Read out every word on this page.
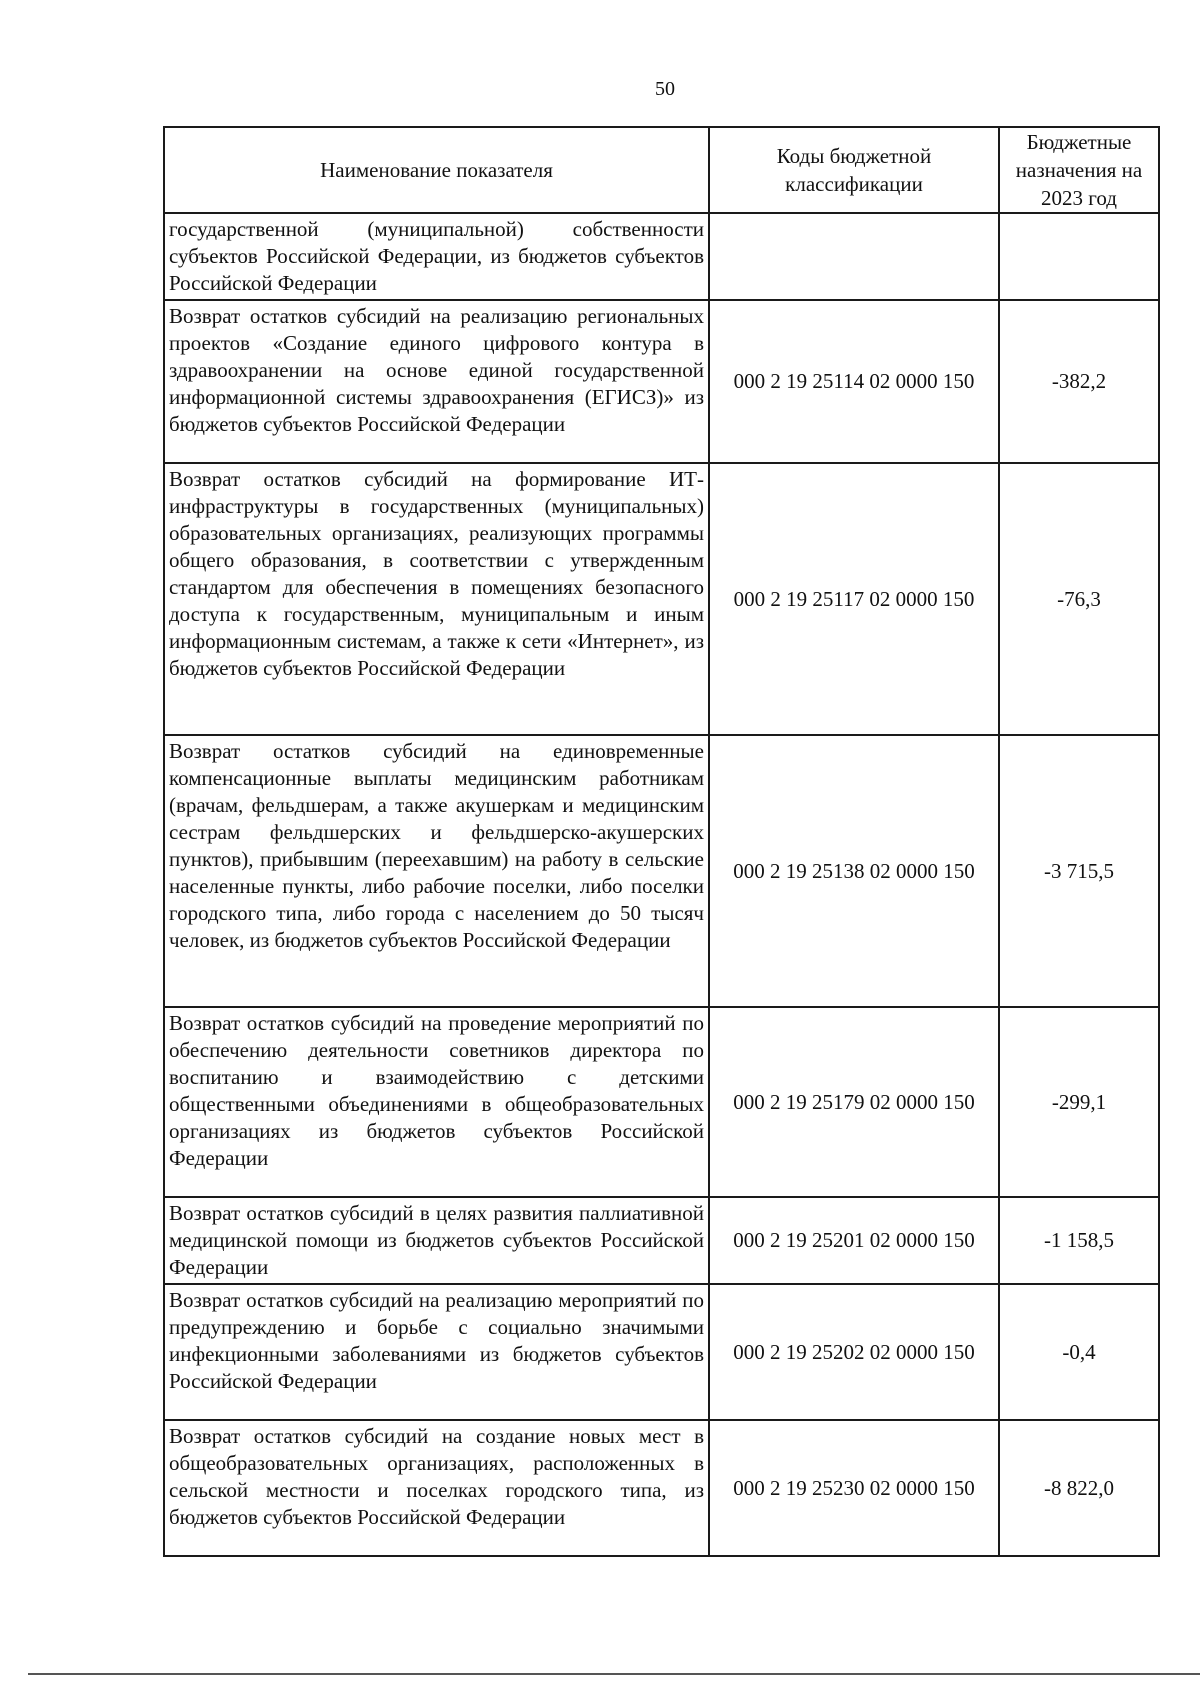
50
Наименование показателя	Коды бюджетной классификации	Бюджетные назначения на 2023 год
государственной (муниципальной) собственности субъектов Российской Федерации, из бюджетов субъектов Российской Федерации		
Возврат остатков субсидий на реализацию региональных проектов «Создание единого цифрового контура в здравоохранении на основе единой государственной информационной системы здравоохранения (ЕГИСЗ)» из бюджетов субъектов Российской Федерации	000 2 19 25114 02 0000 150	-382,2
Возврат остатков субсидий на формирование ИТ-инфраструктуры в государственных (муниципальных) образовательных организациях, реализующих программы общего образования, в соответствии с утвержденным стандартом для обеспечения в помещениях безопасного доступа к государственным, муниципальным и иным информационным системам, а также к сети «Интернет», из бюджетов субъектов Российской Федерации	000 2 19 25117 02 0000 150	-76,3
Возврат остатков субсидий на единовременные компенсационные выплаты медицинским работникам (врачам, фельдшерам, а также акушеркам и медицинским сестрам фельдшерских и фельдшерско-акушерских пунктов), прибывшим (переехавшим) на работу в сельские населенные пункты, либо рабочие поселки, либо поселки городского типа, либо города с населением до 50 тысяч человек, из бюджетов субъектов Российской Федерации	000 2 19 25138 02 0000 150	-3 715,5
Возврат остатков субсидий на проведение мероприятий по обеспечению деятельности советников директора по воспитанию и взаимодействию с детскими общественными объединениями в общеобразовательных организациях из бюджетов субъектов Российской Федерации	000 2 19 25179 02 0000 150	-299,1
Возврат остатков субсидий в целях развития паллиативной медицинской помощи из бюджетов субъектов Российской Федерации	000 2 19 25201 02 0000 150	-1 158,5
Возврат остатков субсидий на реализацию мероприятий по предупреждению и борьбе с социально значимыми инфекционными заболеваниями из бюджетов субъектов Российской Федерации	000 2 19 25202 02 0000 150	-0,4
Возврат остатков субсидий на создание новых мест в общеобразовательных организациях, расположенных в сельской местности и поселках городского типа, из бюджетов субъектов Российской Федерации	000 2 19 25230 02 0000 150	-8 822,0
